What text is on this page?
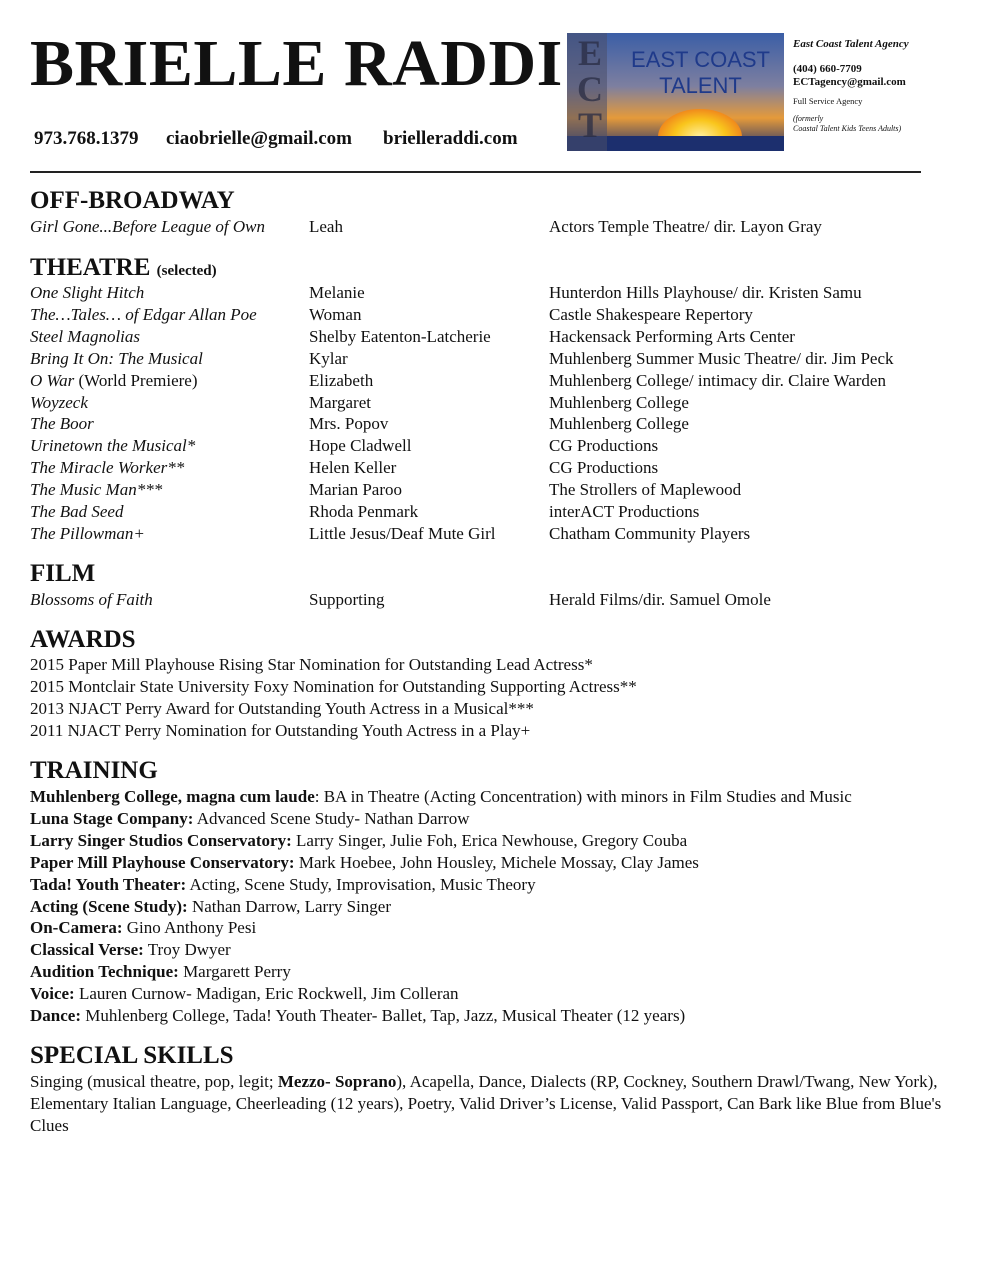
BRIELLE RADDI
973.768.1379 ciaobrielle@gmail.com brielleraddi.com
ECT
EAST COAST
TALENT
East Coast Talent Agency
(404) 660-7709
ECTagency@gmail.com
Full Service Agency
(formerly
Coastal Talent Kids Teens Adults)
OFF-BROADWAY
Girl Gone...Before League of Own	Leah	Actors Temple Theatre/ dir. Layon Gray
THEATRE (selected)
One Slight Hitch	Melanie	Hunterdon Hills Playhouse/ dir. Kristen Samu
The…Tales… of Edgar Allan Poe	Woman	Castle Shakespeare Repertory
Steel Magnolias	Shelby Eatenton-Latcherie	Hackensack Performing Arts Center
Bring It On: The Musical	Kylar	Muhlenberg Summer Music Theatre/ dir. Jim Peck
O War (World Premiere)	Elizabeth	Muhlenberg College/ intimacy dir. Claire Warden
Woyzeck	Margaret	Muhlenberg College
The Boor	Mrs. Popov	Muhlenberg College
Urinetown the Musical*	Hope Cladwell	CG Productions
The Miracle Worker**	Helen Keller	CG Productions
The Music Man***	Marian Paroo	The Strollers of Maplewood
The Bad Seed	Rhoda Penmark	interACT Productions
The Pillowman+	Little Jesus/Deaf Mute Girl	Chatham Community Players
FILM
Blossoms of Faith	Supporting	Herald Films/dir. Samuel Omole
AWARDS
2015 Paper Mill Playhouse Rising Star Nomination for Outstanding Lead Actress*
2015 Montclair State University Foxy Nomination for Outstanding Supporting Actress**
2013 NJACT Perry Award for Outstanding Youth Actress in a Musical***
2011 NJACT Perry Nomination for Outstanding Youth Actress in a Play+
TRAINING
Muhlenberg College, magna cum laude: BA in Theatre (Acting Concentration) with minors in Film Studies and Music
Luna Stage Company: Advanced Scene Study- Nathan Darrow
Larry Singer Studios Conservatory: Larry Singer, Julie Foh, Erica Newhouse, Gregory Couba
Paper Mill Playhouse Conservatory: Mark Hoebee, John Housley, Michele Mossay, Clay James
Tada! Youth Theater: Acting, Scene Study, Improvisation, Music Theory
Acting (Scene Study): Nathan Darrow, Larry Singer
On-Camera: Gino Anthony Pesi
Classical Verse: Troy Dwyer
Audition Technique: Margarett Perry
Voice: Lauren Curnow- Madigan, Eric Rockwell, Jim Colleran
Dance: Muhlenberg College, Tada! Youth Theater- Ballet, Tap, Jazz, Musical Theater (12 years)
SPECIAL SKILLS
Singing (musical theatre, pop, legit; Mezzo- Soprano), Acapella, Dance, Dialects (RP, Cockney, Southern Drawl/Twang, New York), Elementary Italian Language, Cheerleading (12 years), Poetry, Valid Driver’s License, Valid Passport, Can Bark like Blue from Blue's Clues
